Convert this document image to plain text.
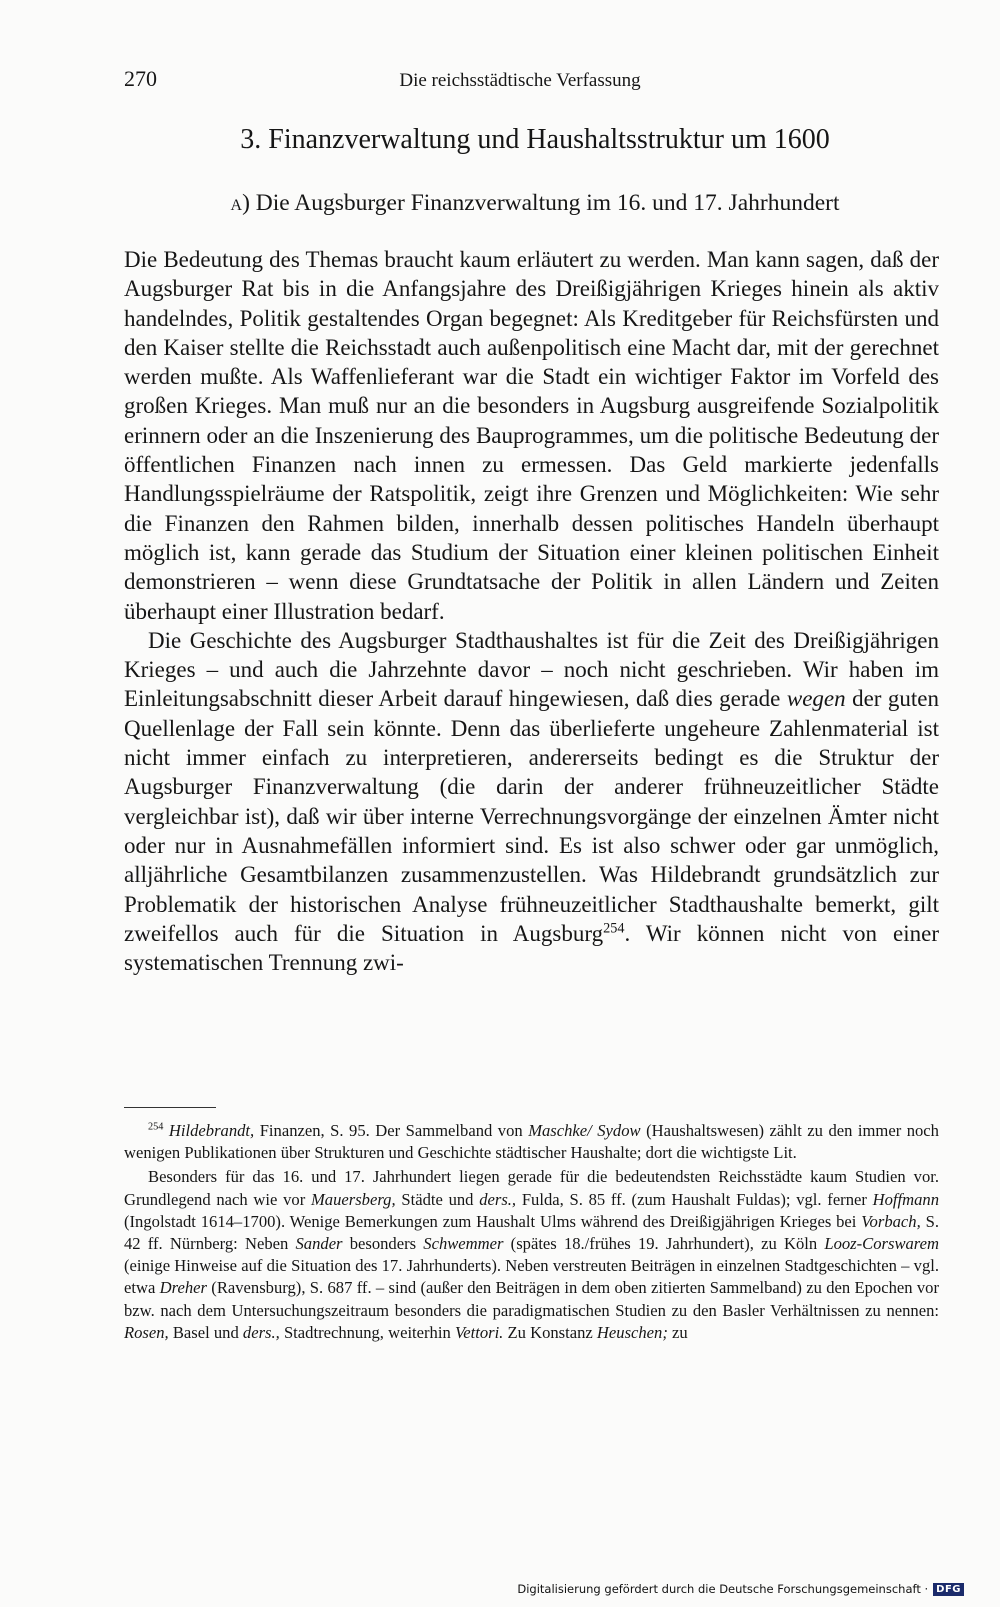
270	Die reichsstädtische Verfassung
3. Finanzverwaltung und Haushaltsstruktur um 1600
a) Die Augsburger Finanzverwaltung im 16. und 17. Jahrhundert

Die Bedeutung des Themas braucht kaum erläutert zu werden. Man kann sagen, daß der Augsburger Rat bis in die Anfangsjahre des Dreißigjährigen Krieges hinein als aktiv handelndes, Politik gestaltendes Organ begegnet: Als Kreditgeber für Reichsfürsten und den Kaiser stellte die Reichsstadt auch außenpolitisch eine Macht dar, mit der gerechnet werden mußte. Als Waffenlieferant war die Stadt ein wichtiger Faktor im Vorfeld des großen Krieges. Man muß nur an die besonders in Augsburg ausgreifende Sozialpolitik erinnern oder an die Inszenierung des Bauprogrammes, um die politische Bedeutung der öffentlichen Finanzen nach innen zu ermessen. Das Geld markierte jedenfalls Handlungsspielräume der Ratspolitik, zeigt ihre Grenzen und Möglichkeiten: Wie sehr die Finanzen den Rahmen bilden, innerhalb dessen politisches Handeln überhaupt möglich ist, kann gerade das Studium der Situation einer kleinen politischen Einheit demonstrieren – wenn diese Grundtatsache der Politik in allen Ländern und Zeiten überhaupt einer Illustration bedarf.

Die Geschichte des Augsburger Stadthaushaltes ist für die Zeit des Dreißigjährigen Krieges – und auch die Jahrzehnte davor – noch nicht geschrieben. Wir haben im Einleitungsabschnitt dieser Arbeit darauf hingewiesen, daß dies gerade wegen der guten Quellenlage der Fall sein könnte. Denn das überlieferte ungeheure Zahlenmaterial ist nicht immer einfach zu interpretieren, andererseits bedingt es die Struktur der Augsburger Finanzverwaltung (die darin der anderer frühneuzeitlicher Städte vergleichbar ist), daß wir über interne Verrechnungsvorgänge der einzelnen Ämter nicht oder nur in Ausnahmefällen informiert sind. Es ist also schwer oder gar unmöglich, alljährliche Gesamtbilanzen zusammenzustellen. Was Hildebrandt grundsätzlich zur Problematik der historischen Analyse frühneuzeitlicher Stadthaushalte bemerkt, gilt zweifellos auch für die Situation in Augsburg$^{254}$. Wir können nicht von einer systematischen Trennung zwi-

$^{254}$ Hildebrandt, Finanzen, S. 95. Der Sammelband von Maschke/ Sydow (Haushaltswesen) zählt zu den immer noch wenigen Publikationen über Strukturen und Geschichte städtischer Haushalte; dort die wichtigste Lit.

Besonders für das 16. und 17. Jahrhundert liegen gerade für die bedeutendsten Reichsstädte kaum Studien vor. Grundlegend nach wie vor Mauersberg, Städte und ders., Fulda, S. 85 ff. (zum Haushalt Fuldas); vgl. ferner Hoffmann (Ingolstadt 1614–1700). Wenige Bemerkungen zum Haushalt Ulms während des Dreißigjährigen Krieges bei Vorbach, S. 42 ff. Nürnberg: Neben Sander besonders Schwemmer (spätes 18./frühes 19. Jahrhundert), zu Köln Looz-Corswarem (einige Hinweise auf die Situation des 17. Jahrhunderts). Neben verstreuten Beiträgen in einzelnen Stadtgeschichten – vgl. etwa Dreher (Ravensburg), S. 687 ff. – sind (außer den Beiträgen in dem oben zitierten Sammelband) zu den Epochen vor bzw. nach dem Untersuchungszeitraum besonders die paradigmatischen Studien zu den Basler Verhältnissen zu nennen: Rosen, Basel und ders., Stadtrechnung, weiterhin Vettori. Zu Konstanz Heuschen; zu

Digitalisierung gefördert durch die Deutsche Forschungsgemeinschaft · DFG
